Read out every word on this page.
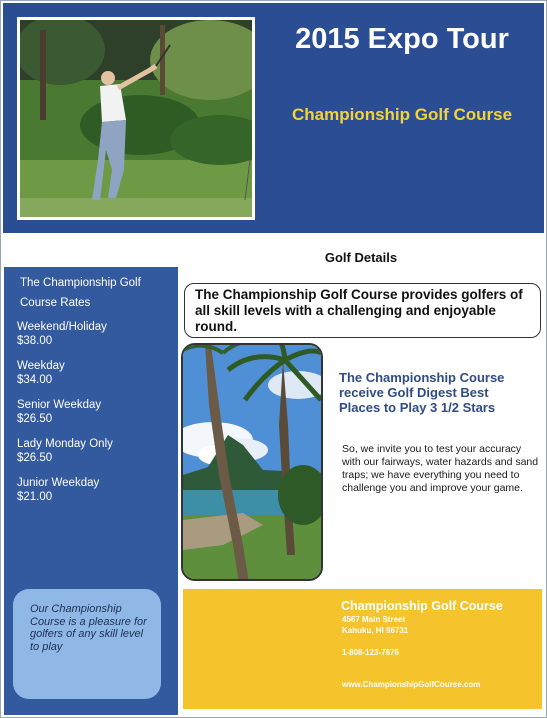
2015 Expo Tour
Championship Golf Course
Golf Details
The Championship Golf
Course Rates
Weekend/Holiday
$38.00
Weekday
$34.00
Senior Weekday
$26.50
Lady Monday Only
$26.50
Junior Weekday
$21.00
Our Championship Course is a pleasure for golfers of any skill level to play
The Championship Golf Course provides golfers of all skill levels with a challenging and enjoyable round.
The Championship Course receive Golf Digest Best Places to Play 3 1/2 Stars
So, we invite you to test your accuracy with our fairways, water hazards and sand traps; we have everything you need to challenge you and improve your game.
Championship Golf Course
4567 Main Street
Kahuku, HI 96731
1-808-123-7676
www.ChampionshipGolfCourse.com
